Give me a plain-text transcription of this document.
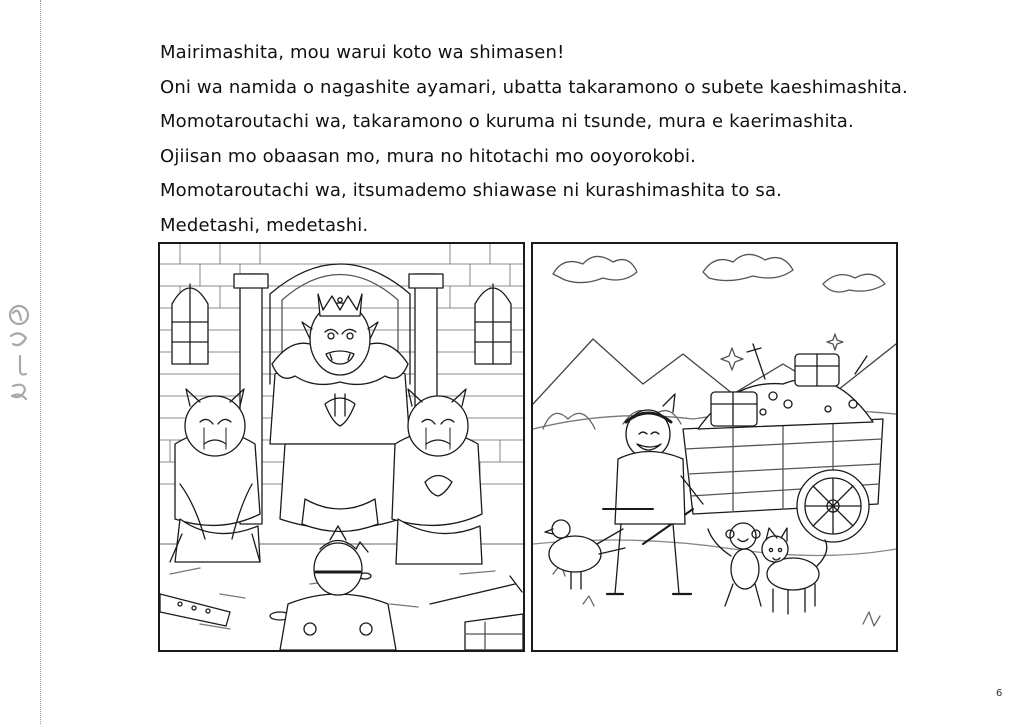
Mairimashita, mou warui koto wa shimasen!
Oni wa namida o nagashite ayamari, ubatta takaramono o subete kaeshimashita.
Momotaroutachi wa, takaramono o kuruma ni tsunde, mura e kaerimashita.
Ojiisan mo obaasan mo, mura no hitotachi mo ooyorokobi.
Momotaroutachi wa, itsumademo shiawase ni kurashimashita to sa.
Medetashi, medetashi.
6
